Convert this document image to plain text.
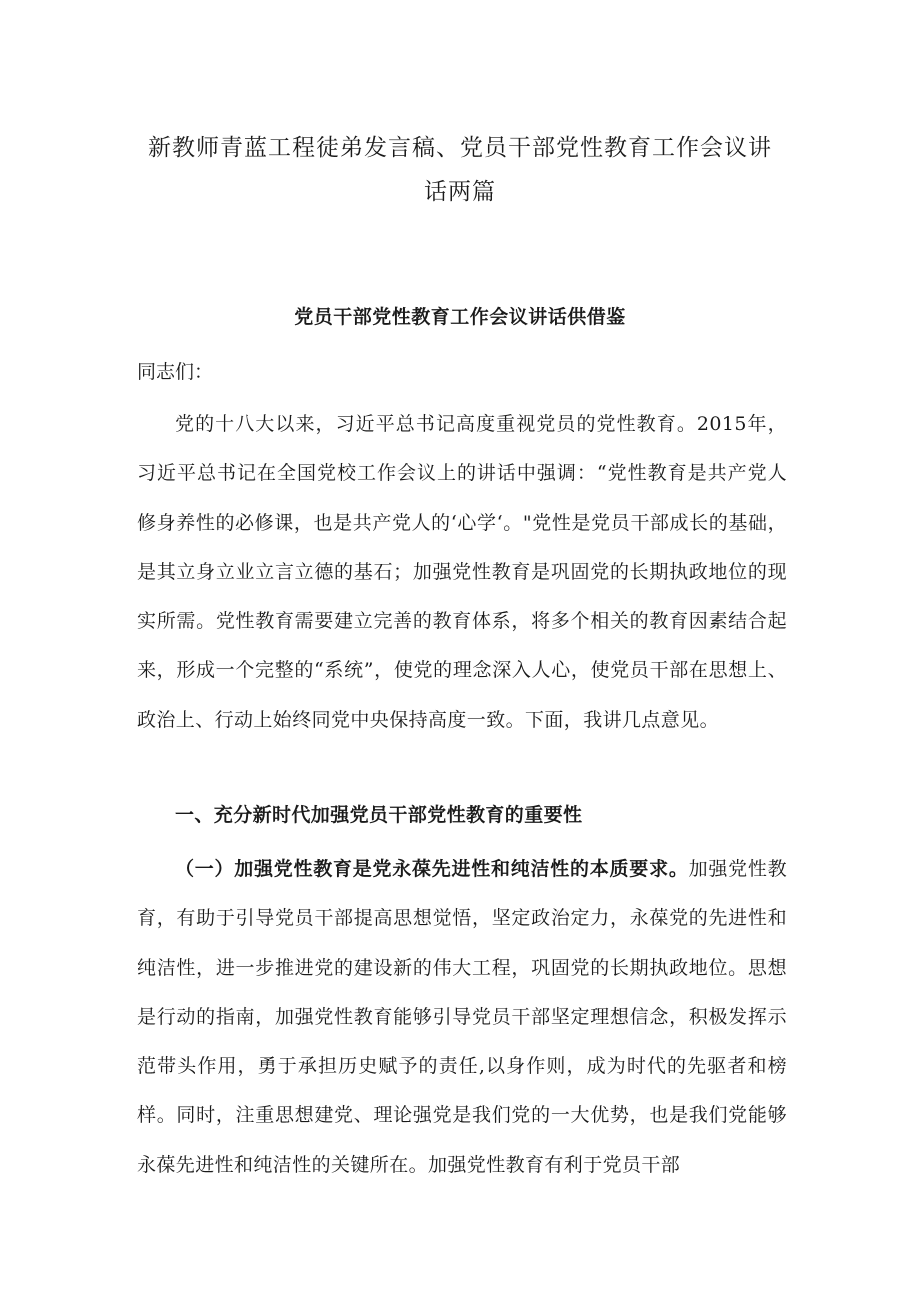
新教师青蓝工程徒弟发言稿、党员干部党性教育工作会议讲
话两篇
党员干部党性教育工作会议讲话供借鉴

同志们：

党的十八大以来，习近平总书记高度重视党员的党性教育。2015年，习近平总书记在全国党校工作会议上的讲话中强调：“党性教育是共产党人修身养性的必修课，也是共产党人的‘心学‘。"党性是党员干部成长的基础，是其立身立业立言立德的基石；加强党性教育是巩固党的长期执政地位的现实所需。党性教育需要建立完善的教育体系，将多个相关的教育因素结合起来，形成一个完整的“系统”，使党的理念深入人心，使党员干部在思想上、政治上、行动上始终同党中央保持高度一致。下面，我讲几点意见。

一、充分新时代加强党员干部党性教育的重要性

（一）加强党性教育是党永葆先进性和纯洁性的本质要求。加强党性教育，有助于引导党员干部提高思想觉悟，坚定政治定力，永葆党的先进性和纯洁性，进一步推进党的建设新的伟大工程，巩固党的长期执政地位。思想是行动的指南，加强党性教育能够引导党员干部坚定理想信念，积极发挥示范带头作用，勇于承担历史赋予的责任,以身作则，成为时代的先驱者和榜样。同时，注重思想建党、理论强党是我们党的一大优势，也是我们党能够永葆先进性和纯洁性的关键所在。加强党性教育有利于党员干部
